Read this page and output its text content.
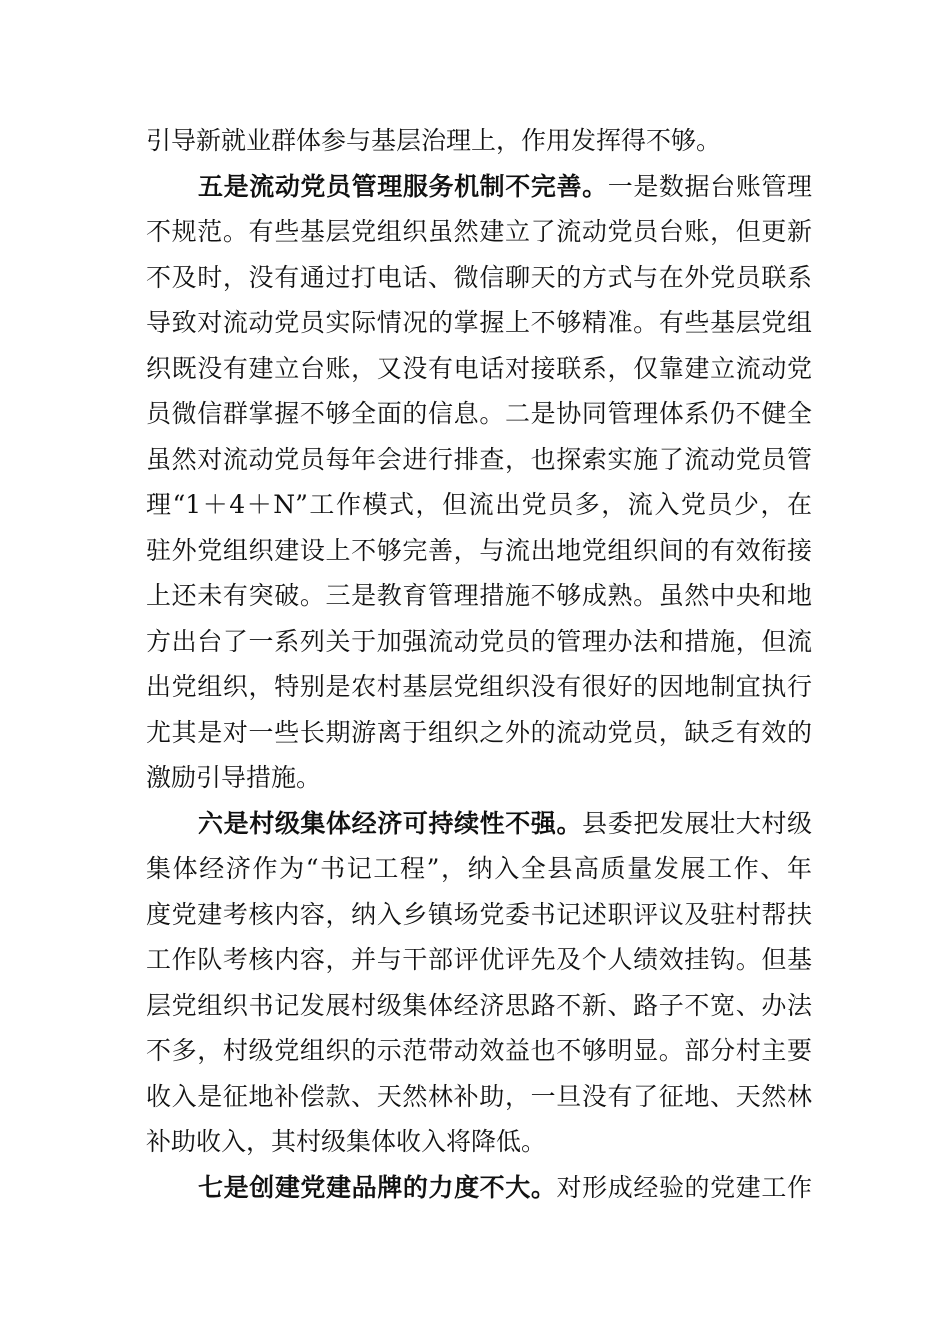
引导新就业群体参与基层治理上，作用发挥得不够。
五是流动党员管理服务机制不完善。一是数据台账管理
不规范。有些基层党组织虽然建立了流动党员台账，但更新
不及时，没有通过打电话、微信聊天的方式与在外党员联系
导致对流动党员实际情况的掌握上不够精准。有些基层党组
织既没有建立台账，又没有电话对接联系，仅靠建立流动党
员微信群掌握不够全面的信息。二是协同管理体系仍不健全
虽然对流动党员每年会进行排查，也探索实施了流动党员管
理“1＋4＋N”工作模式，但流出党员多，流入党员少，在
驻外党组织建设上不够完善，与流出地党组织间的有效衔接
上还未有突破。三是教育管理措施不够成熟。虽然中央和地
方出台了一系列关于加强流动党员的管理办法和措施，但流
出党组织，特别是农村基层党组织没有很好的因地制宜执行
尤其是对一些长期游离于组织之外的流动党员，缺乏有效的
激励引导措施。
六是村级集体经济可持续性不强。县委把发展壮大村级
集体经济作为“书记工程”，纳入全县高质量发展工作、年
度党建考核内容，纳入乡镇场党委书记述职评议及驻村帮扶
工作队考核内容，并与干部评优评先及个人绩效挂钩。但基
层党组织书记发展村级集体经济思路不新、路子不宽、办法
不多，村级党组织的示范带动效益也不够明显。部分村主要
收入是征地补偿款、天然林补助，一旦没有了征地、天然林
补助收入，其村级集体收入将降低。
七是创建党建品牌的力度不大。对形成经验的党建工作
